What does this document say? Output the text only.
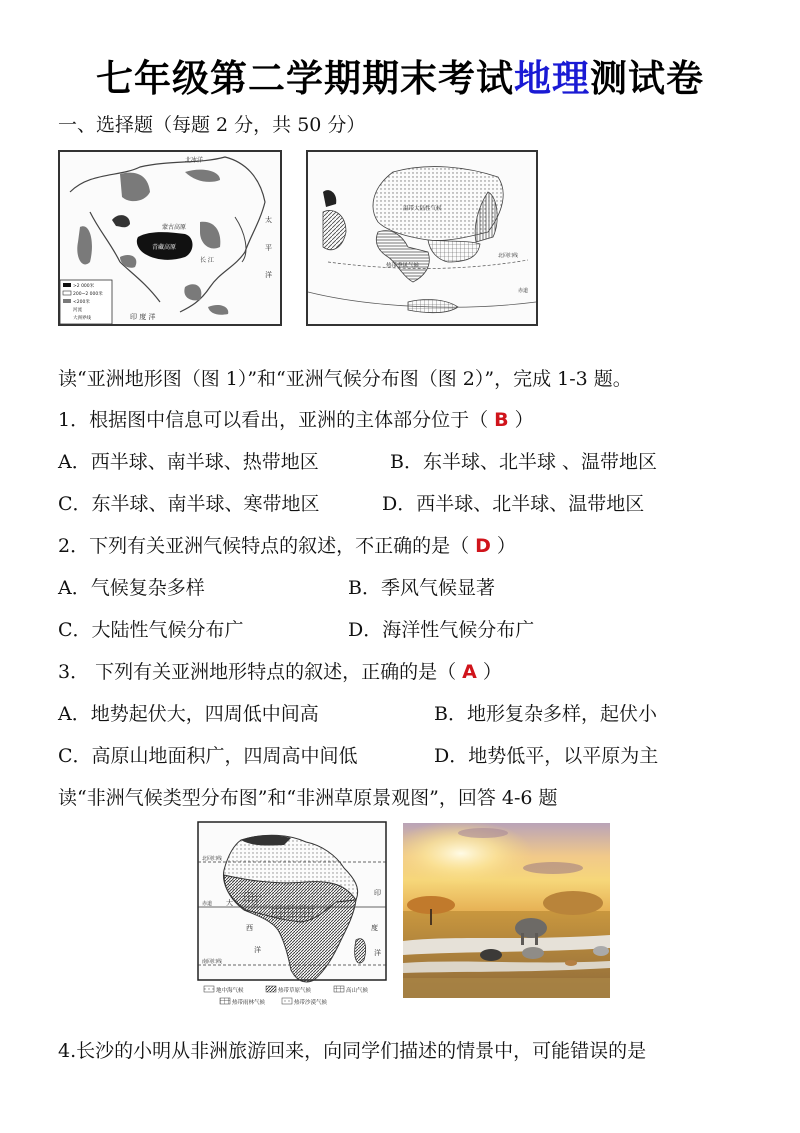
七年级第二学期期末考试地理测试卷
一、选择题（每题 2 分，共 50 分）
青藏高原
蒙古高原
北冰洋
太
平
洋
印 度 洋
长 江
>2 000米
200~2 000米
<200米
河流
大洲界线
温带大陆性气候
热带季风气候
北回归线
赤道
读“亚洲地形图（图 1）”和“亚洲气候分布图（图 2）”，完成 1-3 题。
1．根据图中信息可以看出，亚洲的主体部分位于（ B ）
A．西半球、南半球、热带地区	B．东半球、北半球 、温带地区
C．东半球、南半球、寒带地区	D．西半球、北半球、温带地区
2．下列有关亚洲气候特点的叙述，不正确的是（ D ）
A．气候复杂多样	B．季风气候显著
C．大陆性气候分布广	D．海洋性气候分布广
3． 下列有关亚洲地形特点的叙述，正确的是（ A ）
A．地势起伏大，四周低中间高	B．地形复杂多样，起伏小
C．高原山地面积广，四周高中间低	D．地势低平，以平原为主
读“非洲气候类型分布图”和“非洲草原景观图”，回答 4-6 题
北回归线
赤道
南回归线
大
西
洋
印
度
洋
地中海气候	热带草原气候	高山气候
热带雨林气候	热带沙漠气候
4.长沙的小明从非洲旅游回来，向同学们描述的情景中，可能错误的是
